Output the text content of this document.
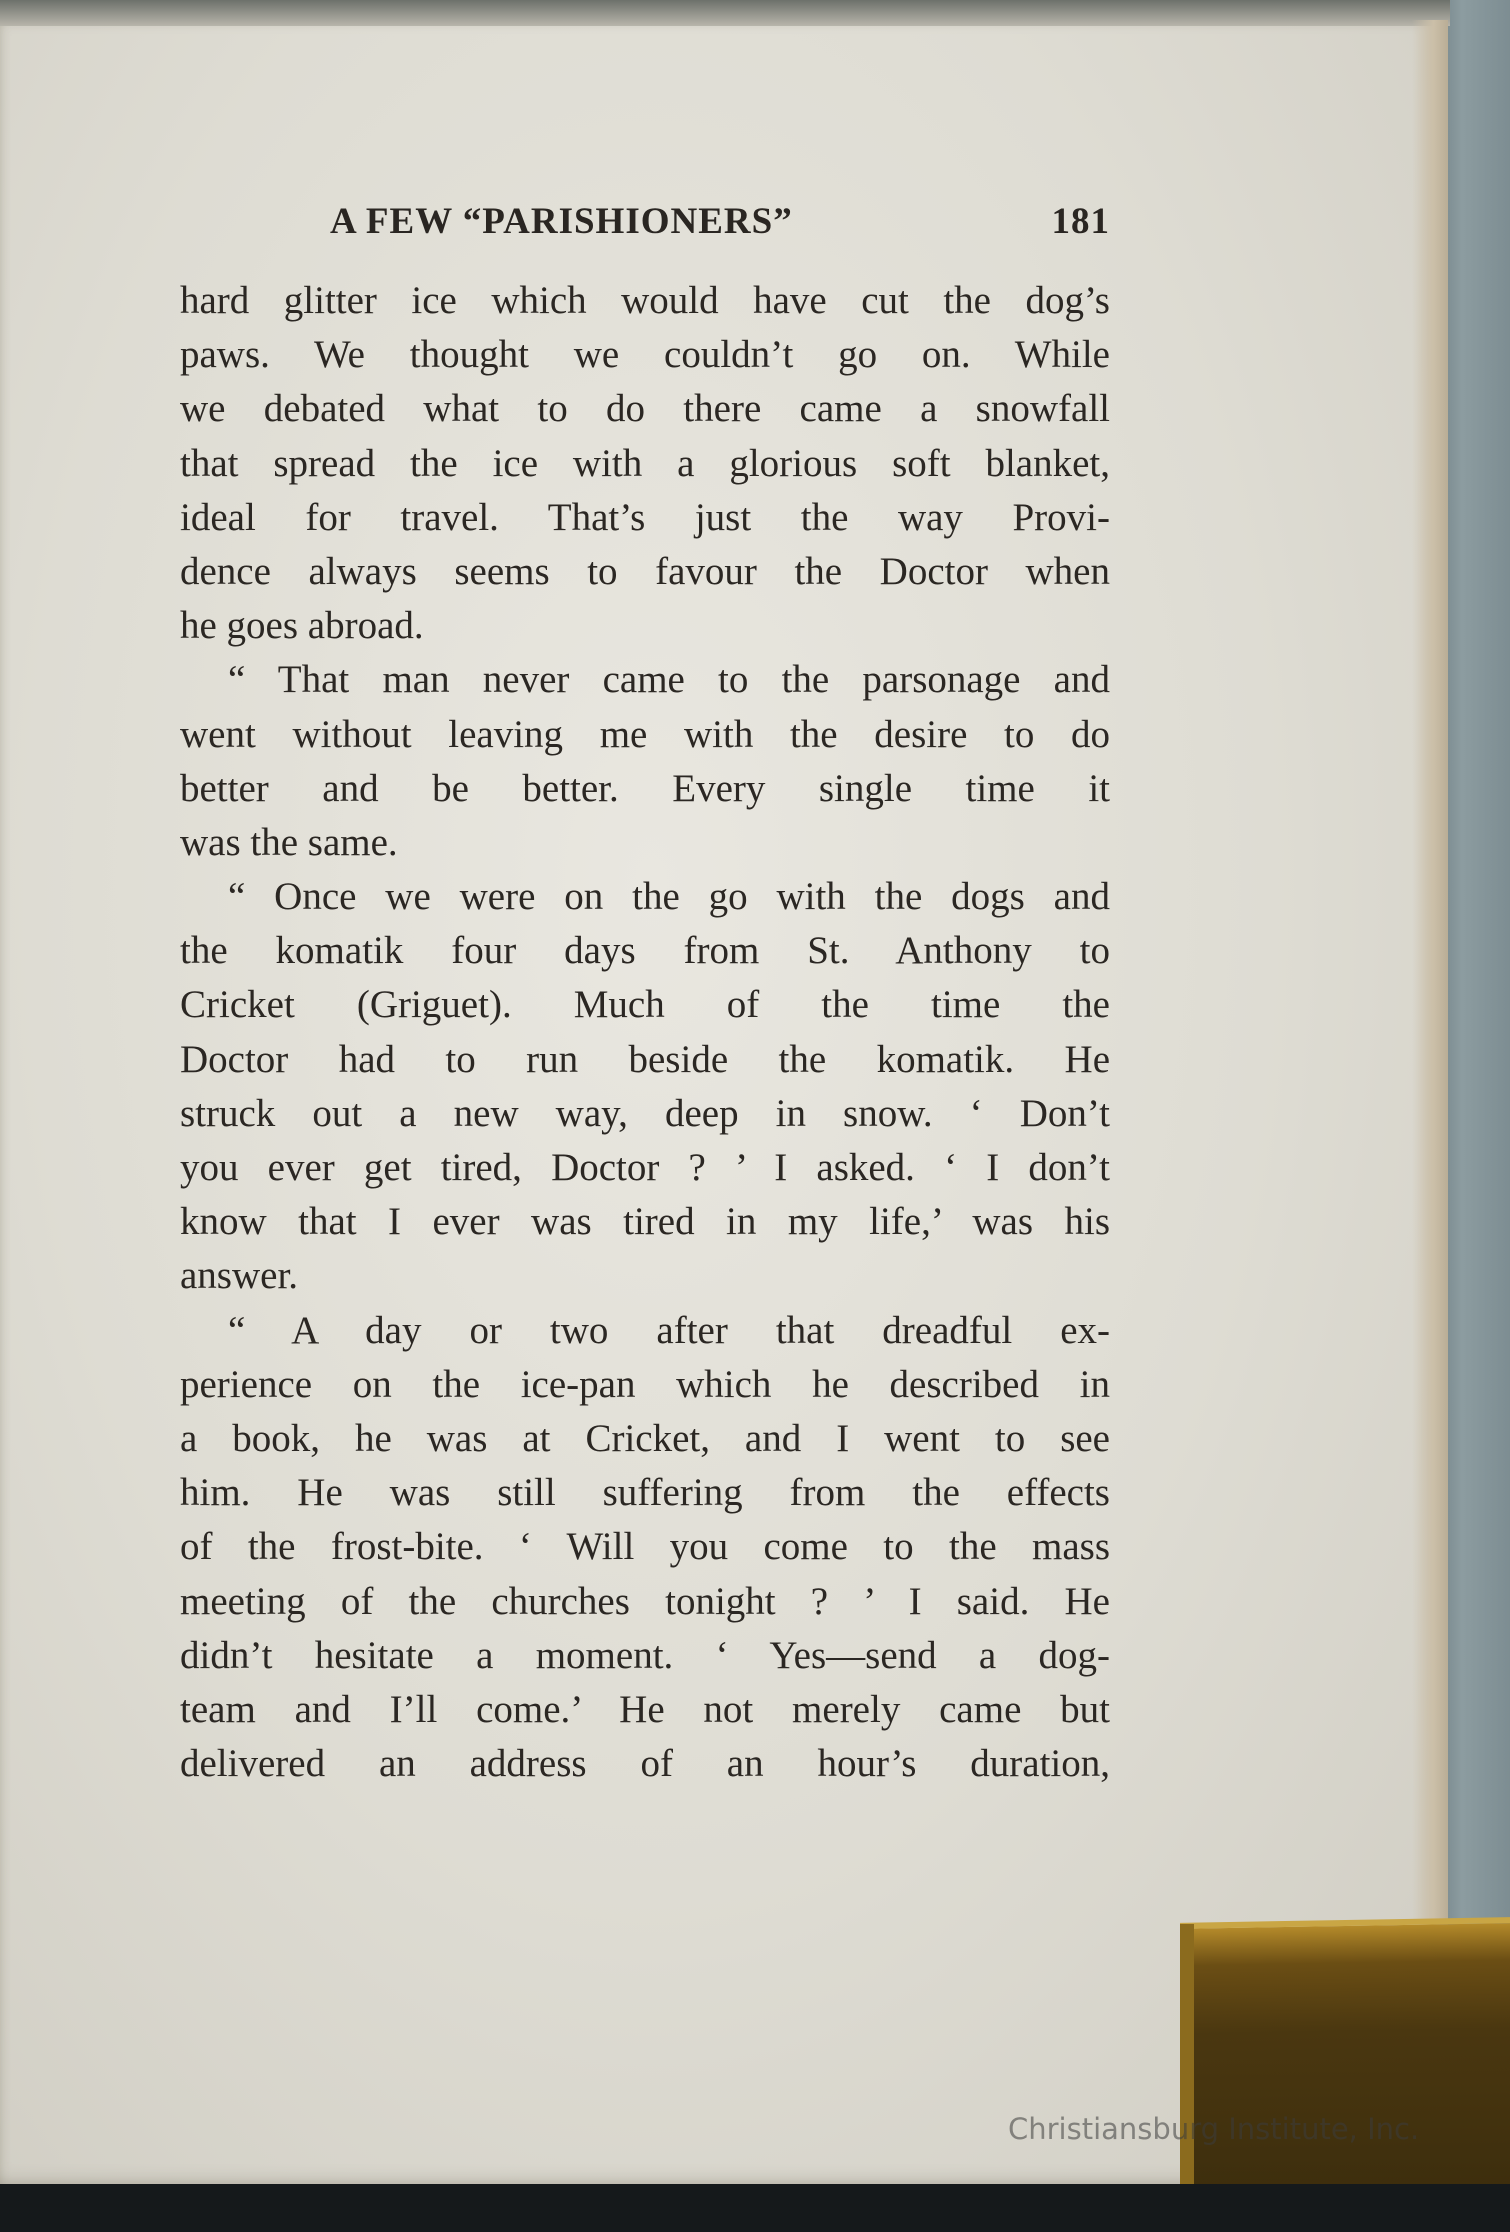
A FEW “PARISHIONERS”	181
hard glitter ice which would have cut the dog’s
paws. We thought we couldn’t go on. While
we debated what to do there came a snowfall
that spread the ice with a glorious soft blanket,
ideal for travel. That’s just the way Provi-
dence always seems to favour the Doctor when
he goes abroad.
“ That man never came to the parsonage and
went without leaving me with the desire to do
better and be better. Every single time it
was the same.
“ Once we were on the go with the dogs and
the komatik four days from St. Anthony to
Cricket (Griguet). Much of the time the
Doctor had to run beside the komatik. He
struck out a new way, deep in snow. ‘ Don’t
you ever get tired, Doctor ? ’ I asked. ‘ I don’t
know that I ever was tired in my life,’ was his
answer.
“ A day or two after that dreadful ex-
perience on the ice-pan which he described in
a book, he was at Cricket, and I went to see
him. He was still suffering from the effects
of the frost-bite. ‘ Will you come to the mass
meeting of the churches tonight ? ’ I said. He
didn’t hesitate a moment. ‘ Yes—send a dog-
team and I’ll come.’ He not merely came but
delivered an address of an hour’s duration,
Christiansburg Institute, Inc.
